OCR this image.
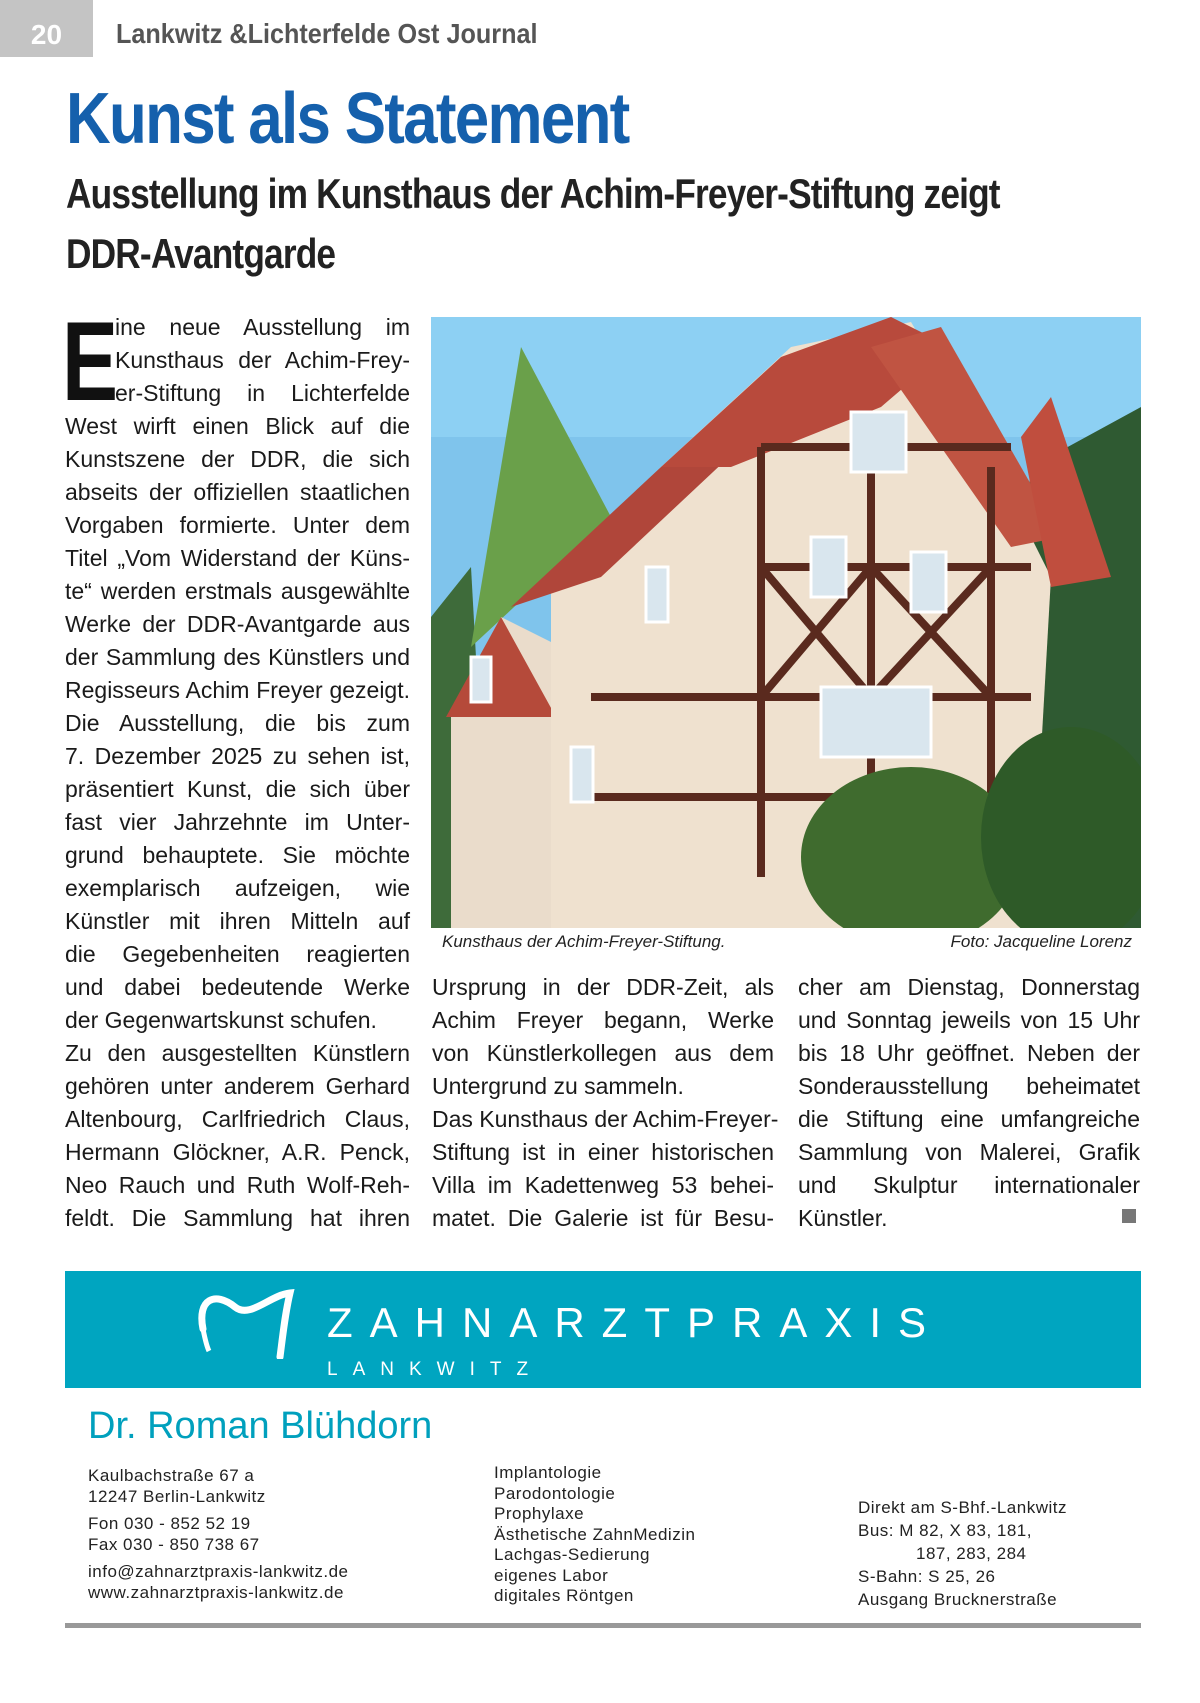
20	Lankwitz &Lichterfelde Ost Journal
Kunst als Statement
Ausstellung im Kunsthaus der Achim-Freyer-Stiftung zeigt
DDR-Avantgarde
E
ine neue Ausstellung im
Kunsthaus der Achim-Frey-
er-Stiftung in Lichterfelde
West wirft einen Blick auf die
Kunstszene der DDR, die sich
abseits der offiziellen staatlichen
Vorgaben formierte. Unter dem
Titel „Vom Widerstand der Küns-
te“ werden erstmals ausgewählte
Werke der DDR-Avantgarde aus
der Sammlung des Künstlers und
Regisseurs Achim Freyer gezeigt.
Die Ausstellung, die bis zum
7. Dezember 2025 zu sehen ist,
präsentiert Kunst, die sich über
fast vier Jahrzehnte im Unter-
grund behauptete. Sie möchte
exemplarisch aufzeigen, wie
Künstler mit ihren Mitteln auf
die Gegebenheiten reagierten
und dabei bedeutende Werke
der Gegenwartskunst schufen.
Zu den ausgestellten Künstlern
gehören unter anderem Gerhard
Altenbourg, Carlfriedrich Claus,
Hermann Glöckner, A.R. Penck,
Neo Rauch und Ruth Wolf-Reh-
feldt. Die Sammlung hat ihren
Ursprung in der DDR-Zeit, als
Achim Freyer begann, Werke
von Künstlerkollegen aus dem
Untergrund zu sammeln.
Das Kunsthaus der Achim-Freyer-
Stiftung ist in einer historischen
Villa im Kadettenweg 53 behei-
matet. Die Galerie ist für Besu-
cher am Dienstag, Donnerstag
und Sonntag jeweils von 15 Uhr
bis 18 Uhr geöffnet. Neben der
Sonderausstellung beheimatet
die Stiftung eine umfangreiche
Sammlung von Malerei, Grafik
und Skulptur internationaler
Künstler.
Kunsthaus der Achim-Freyer-Stiftung.	Foto: Jacqueline Lorenz
ZAHNARZTPRAXIS
LANKWITZ
Dr. Roman Blühdorn
Kaulbachstraße 67 a
12247 Berlin-Lankwitz
Fon 030 - 852 52 19
Fax 030 - 850 738 67
info@zahnarztpraxis-lankwitz.de
www.zahnarztpraxis-lankwitz.de
Implantologie
Parodontologie
Prophylaxe
Ästhetische ZahnMedizin
Lachgas-Sedierung
eigenes Labor
digitales Röntgen
Direkt am S-Bhf.-Lankwitz
Bus: M 82, X 83, 181,
187, 283, 284
S-Bahn: S 25, 26
Ausgang Brucknerstraße
